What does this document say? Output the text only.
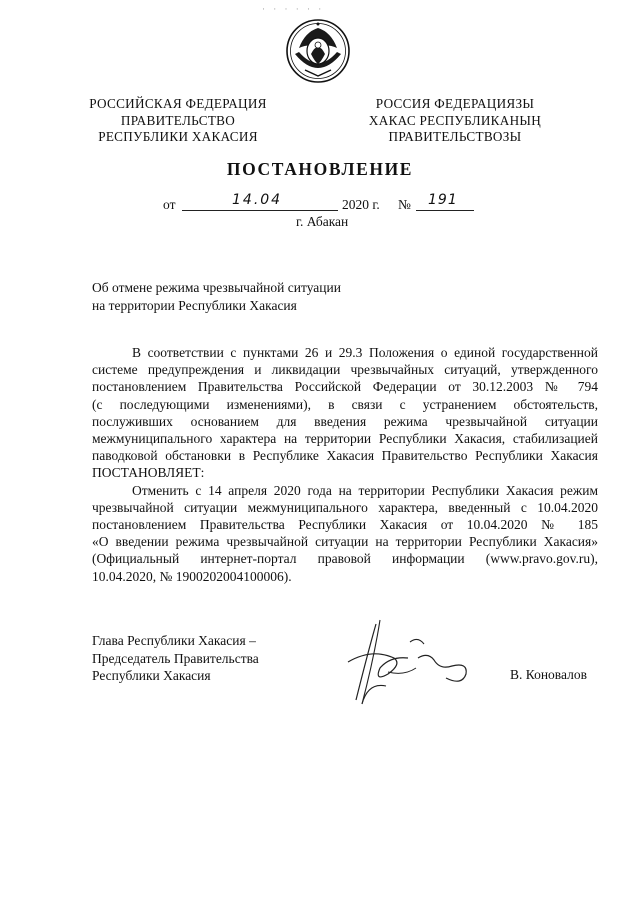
· · · · · ·
РОССИЙСКАЯ ФЕДЕРАЦИЯ
ПРАВИТЕЛЬСТВО
РЕСПУБЛИКИ ХАКАСИЯ
РОССИЯ ФЕДЕРАЦИЯЗЫ
ХАКАС РЕСПУБЛИКАНЫҢ
ПРАВИТЕЛЬСТВОЗЫ
ПОСТАНОВЛЕНИЕ
от	14.04	2020 г. № 191
г. Абакан
Об отмене режима чрезвычайной ситуации
на территории Республики Хакасия
В соответствии с пунктами 26 и 29.3 Положения о единой государственной
системе предупреждения и ликвидации чрезвычайных ситуаций, утвержденного
постановлением Правительства Российской Федерации от 30.12.2003 № 794
(с последующими изменениями), в связи с устранением обстоятельств,
послуживших основанием для введения режима чрезвычайной ситуации
межмуниципального характера на территории Республики Хакасия, стабилизацией
паводковой обстановки в Республике Хакасия Правительство Республики Хакасия
ПОСТАНОВЛЯЕТ:
Отменить с 14 апреля 2020 года на территории Республики Хакасия режим
чрезвычайной ситуации межмуниципального характера, введенный с 10.04.2020
постановлением Правительства Республики Хакасия от 10.04.2020 № 185
«О введении режима чрезвычайной ситуации на территории Республики Хакасия»
(Официальный интернет-портал правовой информации (www.pravo.gov.ru),
10.04.2020, № 1900202004100006).
Глава Республики Хакасия –
Председатель Правительства
Республики Хакасия	В. Коновалов
